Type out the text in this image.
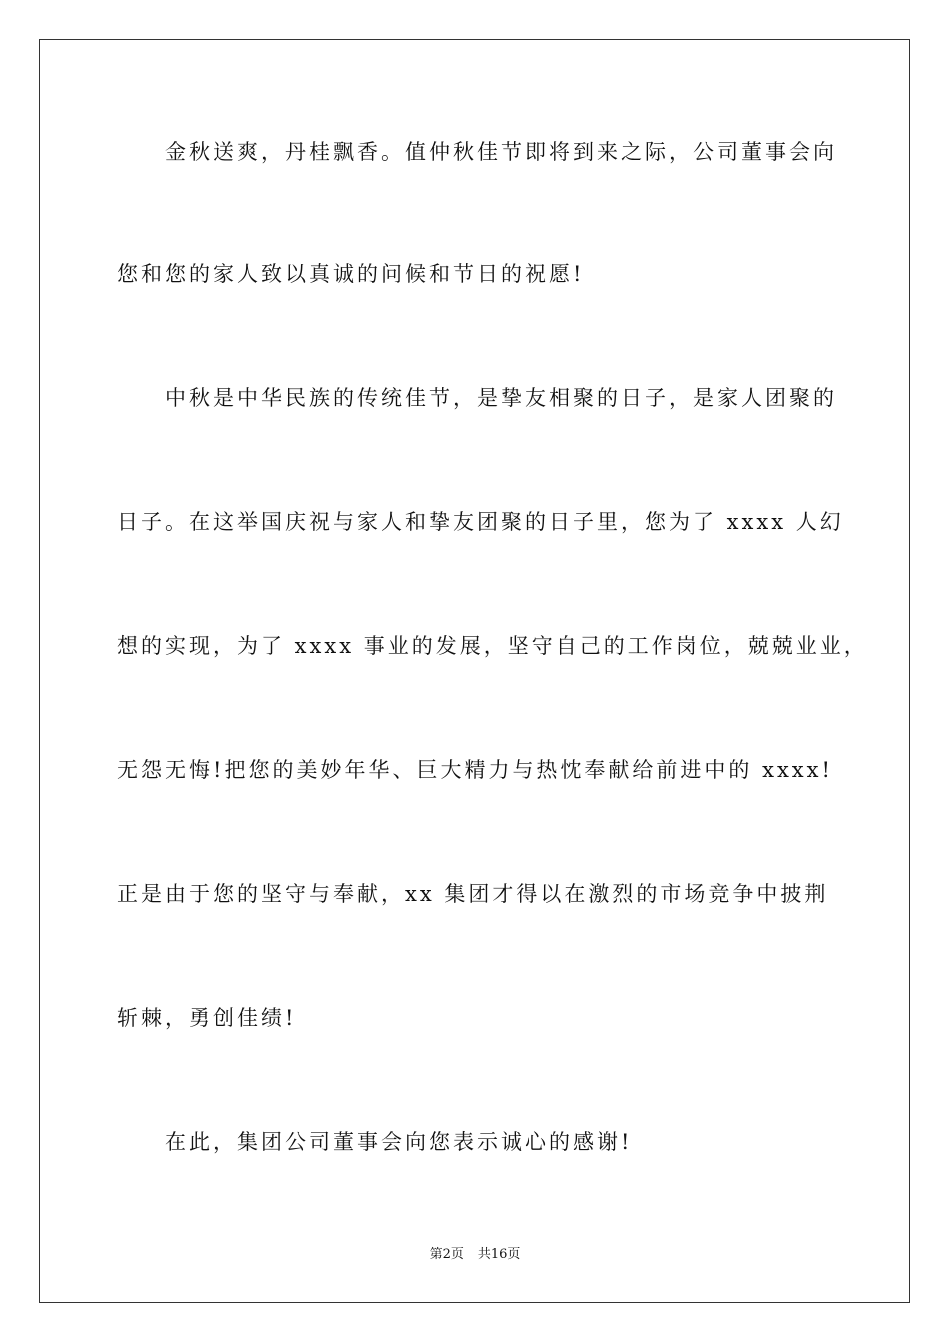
金秋送爽，丹桂飘香。值仲秋佳节即将到来之际，公司董事会向
您和您的家人致以真诚的问候和节日的祝愿!
中秋是中华民族的传统佳节，是挚友相聚的日子，是家人团聚的
日子。在这举国庆祝与家人和挚友团聚的日子里，您为了 xxxx 人幻
想的实现，为了 xxxx 事业的发展，坚守自己的工作岗位，兢兢业业，
无怨无悔!把您的美妙年华、巨大精力与热忱奉献给前进中的 xxxx!
正是由于您的坚守与奉献，xx 集团才得以在激烈的市场竞争中披荆
斩棘，勇创佳绩!
在此，集团公司董事会向您表示诚心的感谢!
第2页 共16页
